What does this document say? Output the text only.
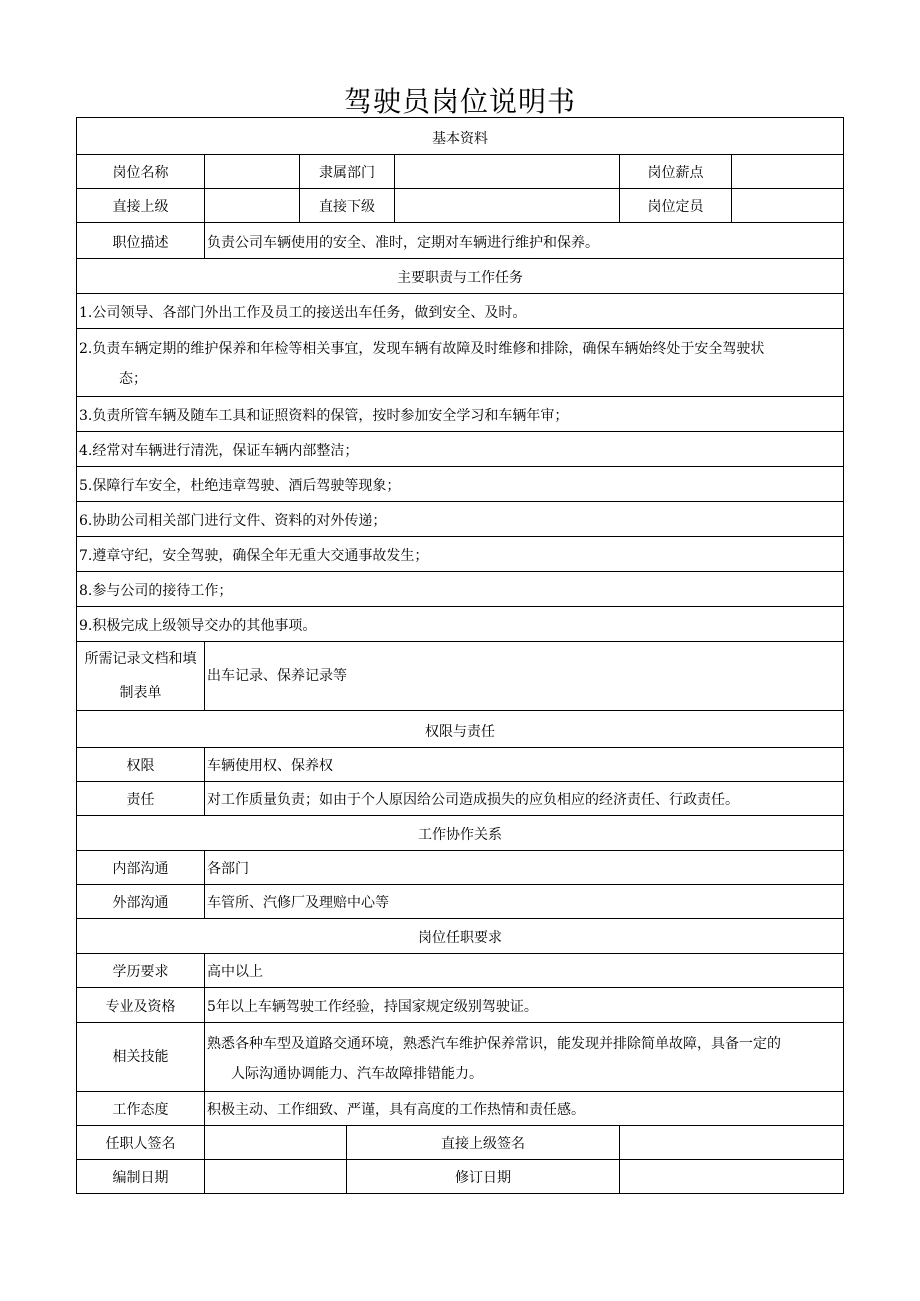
驾驶员岗位说明书
基本资料						
岗位名称		隶属部门			岗位薪点	
直接上级		直接下级			岗位定员	
职位描述	负责公司车辆使用的安全、准时，定期对车辆进行维护和保养。					
主要职责与工作任务						
1.公司领导、各部门外出工作及员工的接送出车任务，做到安全、及时。						
2.负责车辆定期的维护保养和年检等相关事宜，发现车辆有故障及时维修和排除，确保车辆始终处于安全驾驶状
态；						

3.负责所管车辆及随车工具和证照资料的保管，按时参加安全学习和车辆年审；						
4.经常对车辆进行清洗，保证车辆内部整洁；						
5.保障行车安全，杜绝违章驾驶、酒后驾驶等现象；						
6.协助公司相关部门进行文件、资料的对外传递；						
7.遵章守纪，安全驾驶，确保全年无重大交通事故发生；						
8.参与公司的接待工作；						
9.积极完成上级领导交办的其他事项。						

所需记录文档和填
制表单	出车记录、保养记录等					
权限与责任						
权限	车辆使用权、保养权					
责任	对工作质量负责；如由于个人原因给公司造成损失的应负相应的经济责任、行政责任。					
工作协作关系						
内部沟通	各部门					
外部沟通	车管所、汽修厂及理赔中心等					
岗位任职要求						
学历要求	高中以上					
专业及资格	5年以上车辆驾驶工作经验，持国家规定级别驾驶证。					
相关技能	熟悉各种车型及道路交通环境，熟悉汽车维护保养常识，能发现并排除简单故障，具备一定的
人际沟通协调能力、汽车故障排错能力。					

工作态度	积极主动、工作细致、严谨，具有高度的工作热情和责任感。					
任职人签名			直接上级签名			
编制日期			修订日期			
